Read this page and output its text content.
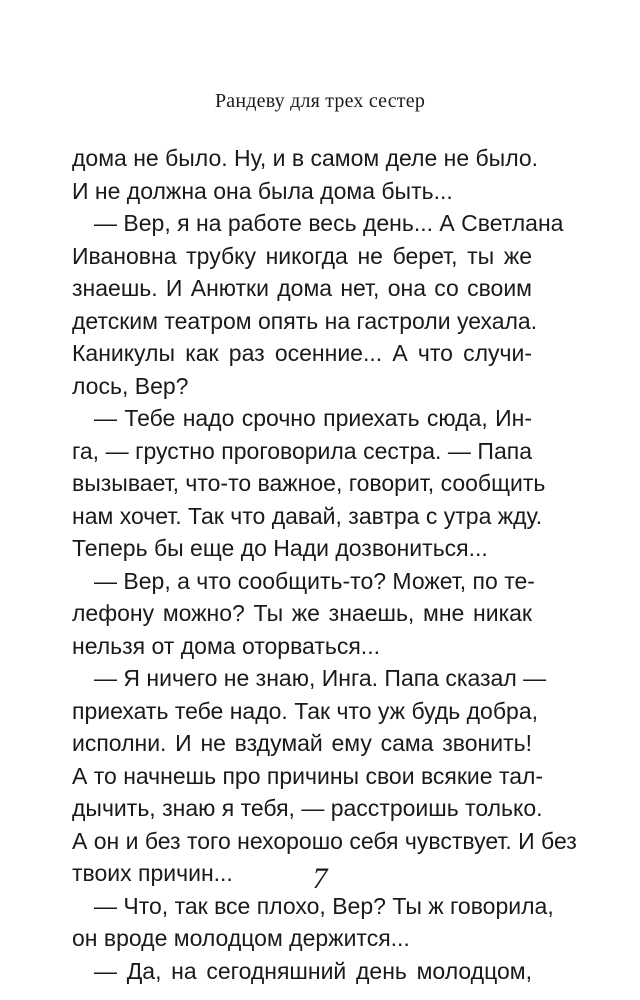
Рандеву для трех сестер
дома не было. Ну, и в самом деле не было.
И не должна она была дома быть...
— Вер, я на работе весь день... А Светлана
Ивановна трубку никогда не берет, ты же
знаешь. И Анютки дома нет, она со своим
детским театром опять на гастроли уехала.
Каникулы как раз осенние... А что случи-
лось, Вер?
— Тебе надо срочно приехать сюда, Ин-
га, — грустно проговорила сестра. — Папа
вызывает, что-то важное, говорит, сообщить
нам хочет. Так что давай, завтра с утра жду.
Теперь бы еще до Нади дозвониться...
— Вер, а что сообщить-то? Может, по те-
лефону можно? Ты же знаешь, мне никак
нельзя от дома оторваться...
— Я ничего не знаю, Инга. Папа сказал —
приехать тебе надо. Так что уж будь добра,
исполни. И не вздумай ему сама звонить!
А то начнешь про причины свои всякие тал-
дычить, знаю я тебя, — расстроишь только.
А он и без того нехорошо себя чувствует. И без
твоих причин...
— Что, так все плохо, Вер? Ты ж говорила,
он вроде молодцом держится...
— Да, на сегодняшний день молодцом,
7
